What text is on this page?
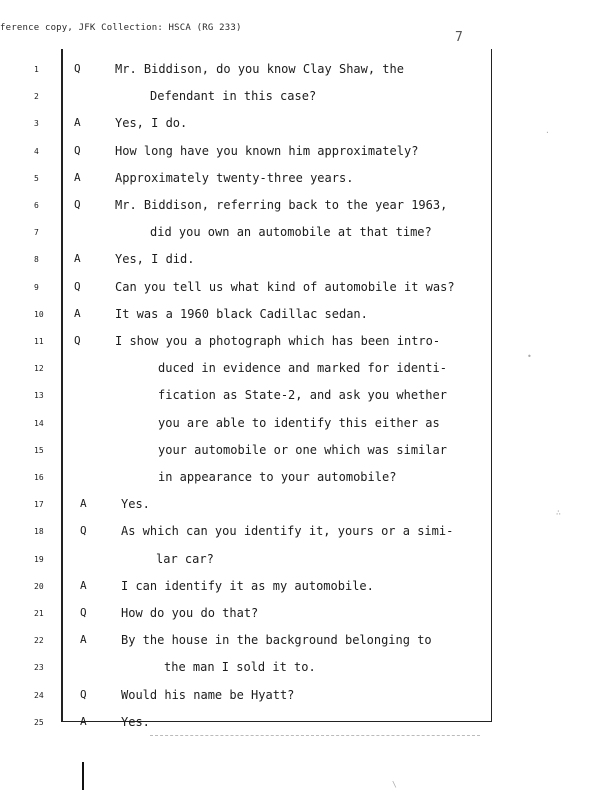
ference copy, JFK Collection: HSCA (RG 233)
7
1	Q	Mr. Biddison, do you know Clay Shaw, the
2	Defendant in this case?
3	A	Yes, I do.
4	Q	How long have you known him approximately?
5	A	Approximately twenty-three years.
6	Q	Mr. Biddison, referring back to the year 1963,
7	did you own an automobile at that time?
8	A	Yes, I did.
9	Q	Can you tell us what kind of automobile it was?
10	A	It was a 1960 black Cadillac sedan.
11	Q	I show you a photograph which has been intro-
12	duced in evidence and marked for identi-
13	fication as State-2, and ask you whether
14	you are able to identify this either as
15	your automobile or one which was similar
16	in appearance to your automobile?
17	A	Yes.
18	Q	As which can you identify it, yours or a simi-
19	lar car?
20	A	I can identify it as my automobile.
21	Q	How do you do that?
22	A	By the house in the background belonging to
23	the man I sold it to.
24	Q	Would his name be Hyatt?
25	A	Yes.
·
•
∴
\
